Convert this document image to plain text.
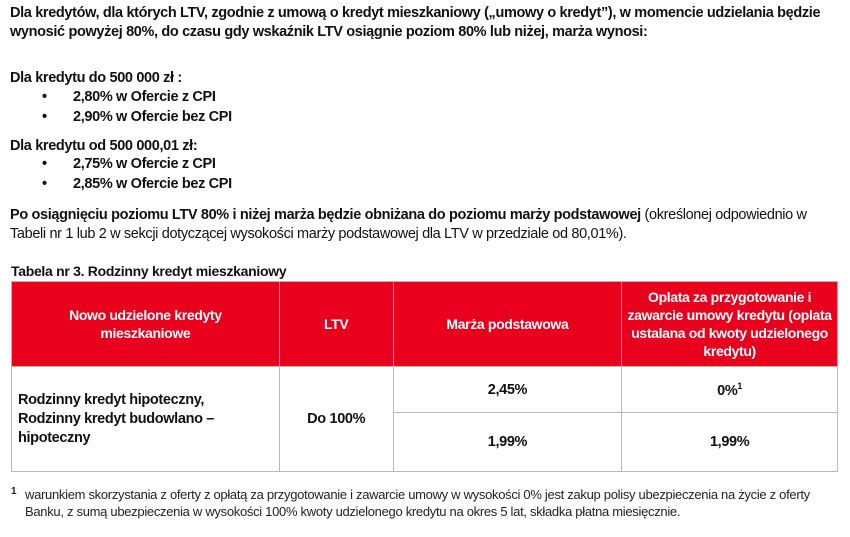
Dla kredytów, dla których LTV, zgodnie z umową o kredyt mieszkaniowy („umowy o kredyt”), w momencie udzielania będzie wynosić powyżej 80%, do czasu gdy wskaźnik LTV osiągnie poziom 80% lub niżej, marża wynosi:
Dla kredytu do 500 000 zł :
• 2,80% w Ofercie z CPI
• 2,90% w Ofercie bez CPI
Dla kredytu od 500 000,01 zł:
• 2,75% w Ofercie z CPI
• 2,85% w Ofercie bez CPI
Po osiągnięciu poziomu LTV 80% i niżej marża będzie obniżana do poziomu marży podstawowej (określonej odpowiednio w Tabeli nr 1 lub 2 w sekcji dotyczącej wysokości marży podstawowej dla LTV w przedziale od 80,01%).
Tabela nr 3. Rodzinny kredyt mieszkaniowy
Nowo udzielone kredyty mieszkaniowe	LTV	Marża podstawowa	Oplata za przygotowanie i zawarcie umowy kredytu (oplata ustalana od kwoty udzielonego kredytu)
Rodzinny kredyt hipoteczny, Rodzinny kredyt budowlano – hipoteczny	Do 100%	2,45%	0%$^1$
		1,99%	1,99%
1 warunkiem skorzystania z oferty z opłatą za przygotowanie i zawarcie umowy w wysokości 0% jest zakup polisy ubezpieczenia na życie z oferty Banku, z sumą ubezpieczenia w wysokości 100% kwoty udzielonego kredytu na okres 5 lat, składka płatna miesięcznie.
